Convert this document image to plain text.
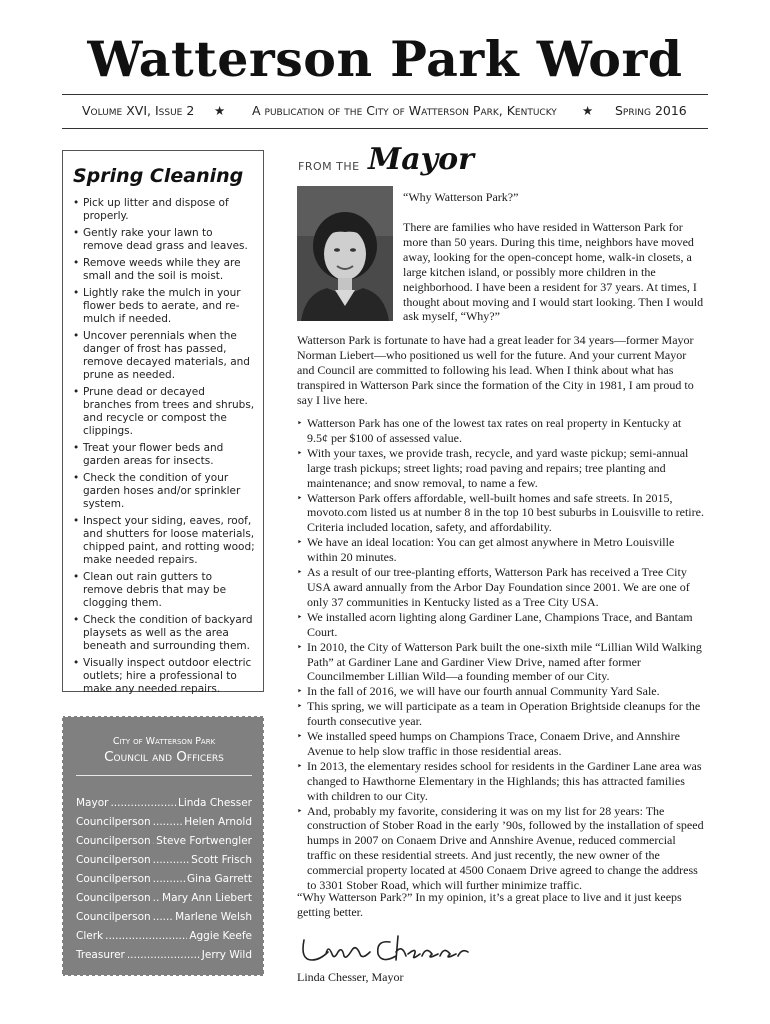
Watterson Park Word
Volume XVI, Issue 2 ★ A publication of the City of Watterson Park, Kentucky ★ Spring 2016
Spring Cleaning
• Pick up litter and dispose of properly.
• Gently rake your lawn to remove dead grass and leaves.
• Remove weeds while they are small and the soil is moist.
• Lightly rake the mulch in your flower beds to aerate, and re-mulch if needed.
• Uncover perennials when the danger of frost has passed, remove decayed materials, and prune as needed.
• Prune dead or decayed branches from trees and shrubs, and recycle or compost the clippings.
• Treat your flower beds and garden areas for insects.
• Check the condition of your garden hoses and/or sprinkler system.
• Inspect your siding, eaves, roof, and shutters for loose materials, chipped paint, and rotting wood; make needed repairs.
• Clean out rain gutters to remove debris that may be clogging them.
• Check the condition of backyard playsets as well as the area beneath and surrounding them.
• Visually inspect outdoor electric outlets; hire a professional to make any needed repairs.
City of Watterson Park
Council and Officers
Mayor .....	Linda Chesser
Councilperson .....	Helen Arnold
Councilperson ..... Steve Fortwengler
Councilperson .....	Scott Frisch
Councilperson .....	Gina Garrett
Councilperson ..... Mary Ann Liebert
Councilperson ..... Marlene Welsh
Clerk .....	Aggie Keefe
Treasurer .....	Jerry Wild
FROM THE Mayor
“Why Watterson Park?”
There are families who have resided in Watterson Park for more than 50 years. During this time, neighbors have moved away, looking for the open-concept home, walk-in closets, a large kitchen island, or possibly more children in the neighborhood. I have been a resident for 37 years. At times, I thought about moving and I would start looking. Then I would ask myself, “Why?”
Watterson Park is fortunate to have had a great leader for 34 years—former Mayor Norman Liebert—who positioned us well for the future. And your current Mayor and Council are committed to following his lead. When I think about what has transpired in Watterson Park since the formation of the City in 1981, I am proud to say I live here.
‣ Watterson Park has one of the lowest tax rates on real property in Kentucky at 9.5¢ per $100 of assessed value.
‣ With your taxes, we provide trash, recycle, and yard waste pickup; semi-annual large trash pickups; street lights; road paving and repairs; tree planting and maintenance; and snow removal, to name a few.
‣ Watterson Park offers affordable, well-built homes and safe streets. In 2015, movoto.com listed us at number 8 in the top 10 best suburbs in Louisville to retire. Criteria included location, safety, and affordability.
‣ We have an ideal location: You can get almost anywhere in Metro Louisville within 20 minutes.
‣ As a result of our tree-planting efforts, Watterson Park has received a Tree City USA award annually from the Arbor Day Foundation since 2001. We are one of only 37 communities in Kentucky listed as a Tree City USA.
‣ We installed acorn lighting along Gardiner Lane, Champions Trace, and Bantam Court.
‣ In 2010, the City of Watterson Park built the one-sixth mile “Lillian Wild Walking Path” at Gardiner Lane and Gardiner View Drive, named after former Councilmember Lillian Wild—a founding member of our City.
‣ In the fall of 2016, we will have our fourth annual Community Yard Sale.
‣ This spring, we will participate as a team in Operation Brightside cleanups for the fourth consecutive year.
‣ We installed speed humps on Champions Trace, Conaem Drive, and Annshire Avenue to help slow traffic in those residential areas.
‣ In 2013, the elementary resides school for residents in the Gardiner Lane area was changed to Hawthorne Elementary in the Highlands; this has attracted families with children to our City.
‣ And, probably my favorite, considering it was on my list for 28 years: The construction of Stober Road in the early ’90s, followed by the installation of speed humps in 2007 on Conaem Drive and Annshire Avenue, reduced commercial traffic on these residential streets. And just recently, the new owner of the commercial property located at 4500 Conaem Drive agreed to change the address to 3301 Stober Road, which will further minimize traffic.
“Why Watterson Park?” In my opinion, it’s a great place to live and it just keeps getting better.
Linda Chesser, Mayor
